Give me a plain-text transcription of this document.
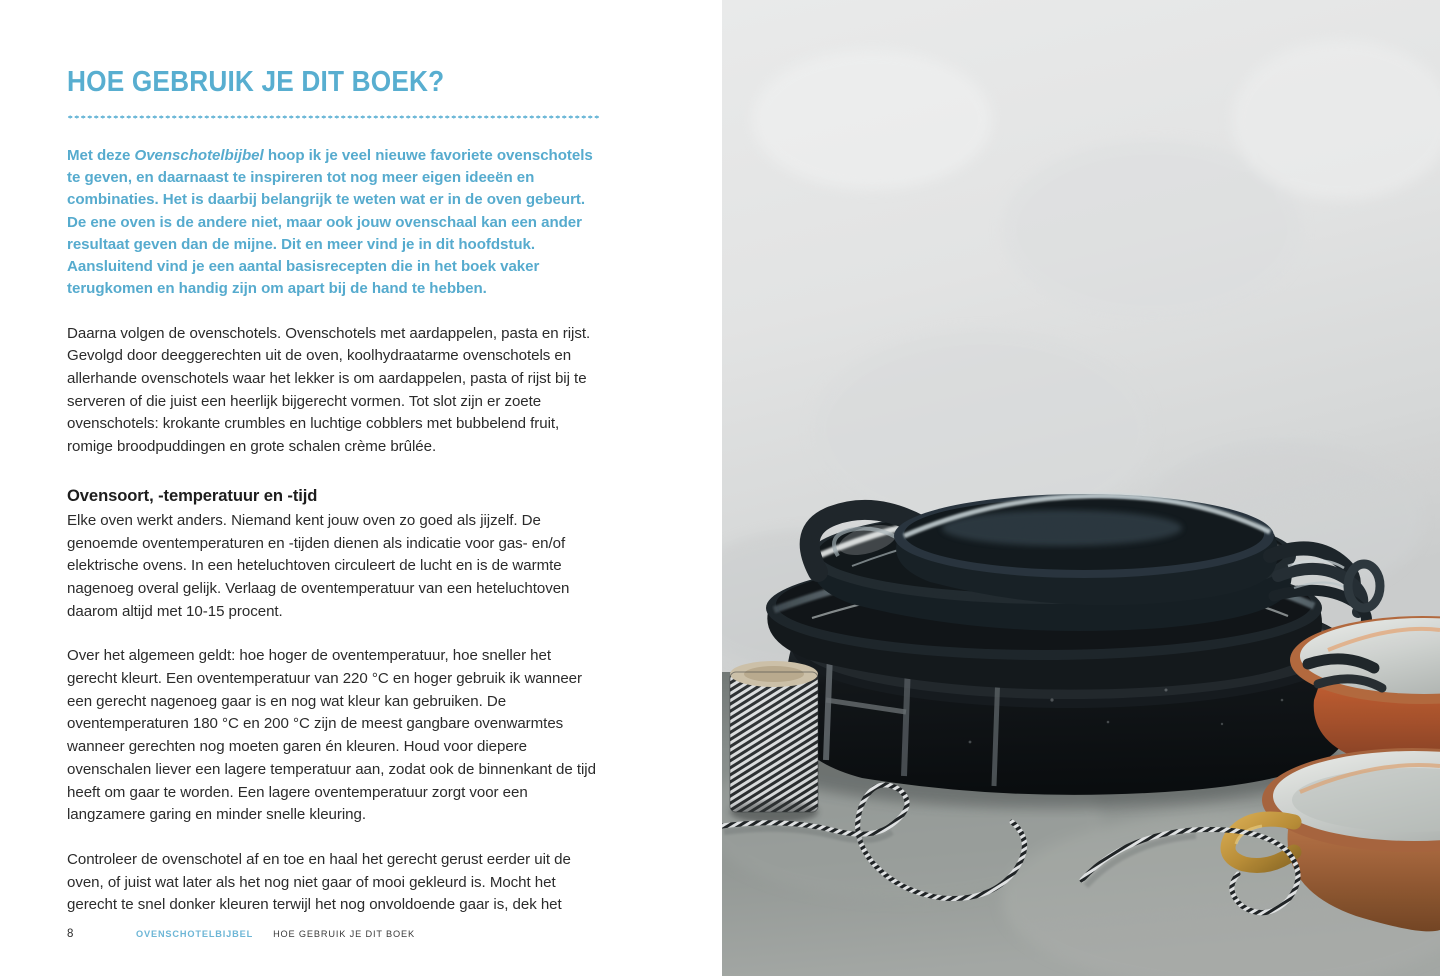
HOE GEBRUIK JE DIT BOEK?

Met deze Ovenschotelbijbel hoop ik je veel nieuwe favoriete ovenschotels te geven, en daarnaast te inspireren tot nog meer eigen ideeën en combinaties. Het is daarbij belangrijk te weten wat er in de oven gebeurt. De ene oven is de andere niet, maar ook jouw ovenschaal kan een ander resultaat geven dan de mijne. Dit en meer vind je in dit hoofdstuk. Aansluitend vind je een aantal basisrecepten die in het boek vaker terugkomen en handig zijn om apart bij de hand te hebben.

Daarna volgen de ovenschotels. Ovenschotels met aardappelen, pasta en rijst. Gevolgd door deeggerechten uit de oven, koolhydraatarme ovenschotels en allerhande ovenschotels waar het lekker is om aardappelen, pasta of rijst bij te serveren of die juist een heerlijk bijgerecht vormen. Tot slot zijn er zoete ovenschotels: krokante crumbles en luchtige cobblers met bubbelend fruit, romige broodpuddingen en grote schalen crème brûlée.

Ovensoort, -temperatuur en -tijd

Elke oven werkt anders. Niemand kent jouw oven zo goed als jijzelf. De genoemde oventemperaturen en -tijden dienen als indicatie voor gas- en/of elektrische ovens. In een heteluchtoven circuleert de lucht en is de warmte nagenoeg overal gelijk. Verlaag de oventemperatuur van een heteluchtoven daarom altijd met 10-15 procent.

Over het algemeen geldt: hoe hoger de oventemperatuur, hoe sneller het gerecht kleurt. Een oventemperatuur van 220 °C en hoger gebruik ik wanneer een gerecht nagenoeg gaar is en nog wat kleur kan gebruiken. De oventemperaturen 180 °C en 200 °C zijn de meest gangbare ovenwarmtes wanneer gerechten nog moeten garen én kleuren. Houd voor diepere ovenschalen liever een lagere temperatuur aan, zodat ook de binnenkant de tijd heeft om gaar te worden. Een lagere oventemperatuur zorgt voor een langzamere garing en minder snelle kleuring.

Controleer de ovenschotel af en toe en haal het gerecht gerust eerder uit de oven, of juist wat later als het nog niet gaar of mooi gekleurd is. Mocht het gerecht te snel donker kleuren terwijl het nog onvoldoende gaar is, dek het

8	OVENSCHOTELBIJBEL HOE GEBRUIK JE DIT BOEK
